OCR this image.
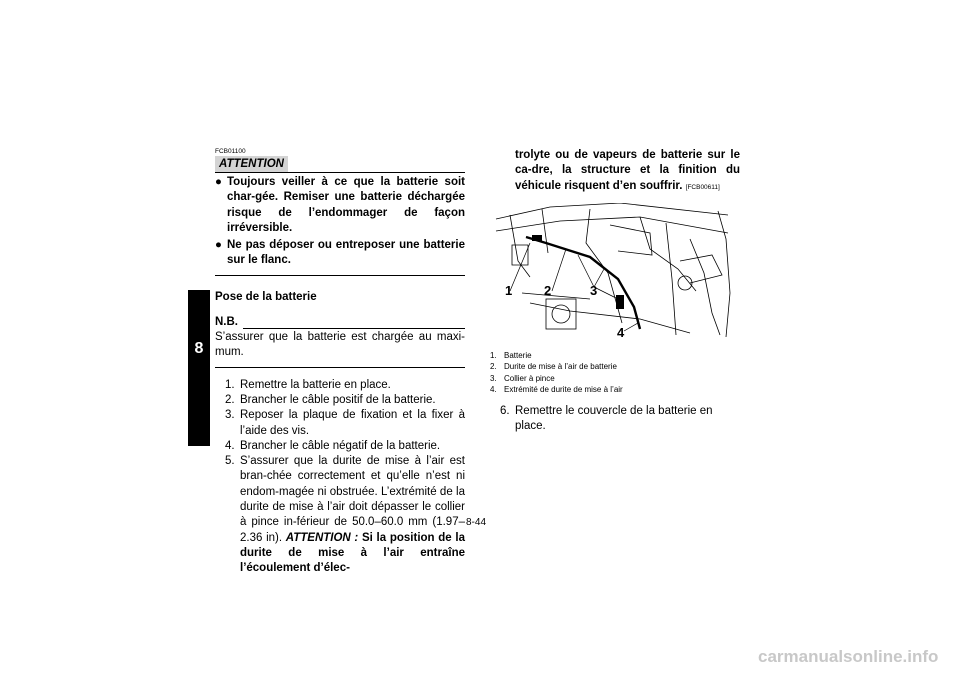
8
FCB01100
ATTENTION
● Toujours veiller à ce que la batterie soit char-gée. Remiser une batterie déchargée risque de l’endommager de façon irréversible.
● Ne pas déposer ou entreposer une batterie sur le flanc.
Pose de la batterie
N.B.
S’assurer que la batterie est chargée au maxi-mum.
1. Remettre la batterie en place.
2. Brancher le câble positif de la batterie.
3. Reposer la plaque de fixation et la fixer à l’aide des vis.
4. Brancher le câble négatif de la batterie.
5. S’assurer que la durite de mise à l’air est bran-chée correctement et qu’elle n’est ni endom-magée ni obstruée. L’extrémité de la durite de mise à l’air doit dépasser le collier à pince in-férieur de 50.0–60.0 mm (1.97–2.36 in). ATTENTION : Si la position de la durite de mise à l’air entraîne l’écoulement d’élec-
trolyte ou de vapeurs de batterie sur le ca-dre, la structure et la finition du véhicule risquent d’en souffrir. [FCB00611]
1 2	3
4
1. Batterie
2. Durite de mise à l’air de batterie
3. Collier à pince
4. Extrémité de durite de mise à l’air
6. Remettre le couvercle de la batterie en place.
8-44
carmanualsonline.info
